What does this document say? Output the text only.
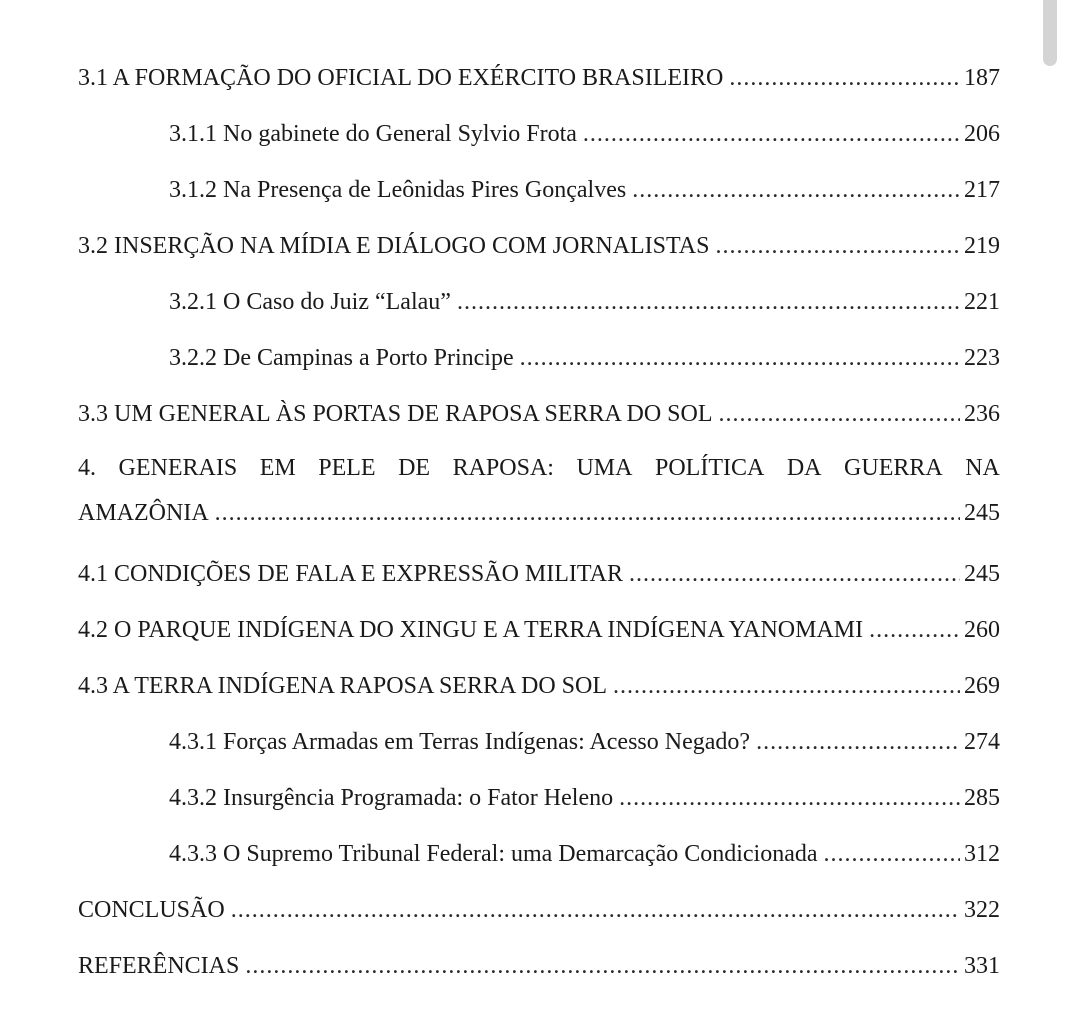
3.1 A FORMAÇÃO DO OFICIAL DO EXÉRCITO BRASILEIRO .....	187
3.1.1 No gabinete do General Sylvio Frota .....	206
3.1.2 Na Presença de Leônidas Pires Gonçalves .....	217
3.2 INSERÇÃO NA MÍDIA E DIÁLOGO COM JORNALISTAS .....	219
3.2.1 O Caso do Juiz “Lalau” .....	221
3.2.2 De Campinas a Porto Principe .....	223
3.3 UM GENERAL ÀS PORTAS DE RAPOSA SERRA DO SOL .....	236
4. GENERAIS EM PELE DE RAPOSA: UMA POLÍTICA DA GUERRA NA
AMAZÔNIA .....	245
4.1 CONDIÇÕES DE FALA E EXPRESSÃO MILITAR .....	245
4.2 O PARQUE INDÍGENA DO XINGU E A TERRA INDÍGENA YANOMAMI .....	260
4.3 A TERRA INDÍGENA RAPOSA SERRA DO SOL .....	269
4.3.1 Forças Armadas em Terras Indígenas: Acesso Negado? .....	274
4.3.2 Insurgência Programada: o Fator Heleno .....	285
4.3.3 O Supremo Tribunal Federal: uma Demarcação Condicionada .....	312
CONCLUSÃO .....	322
REFERÊNCIAS .....	331
